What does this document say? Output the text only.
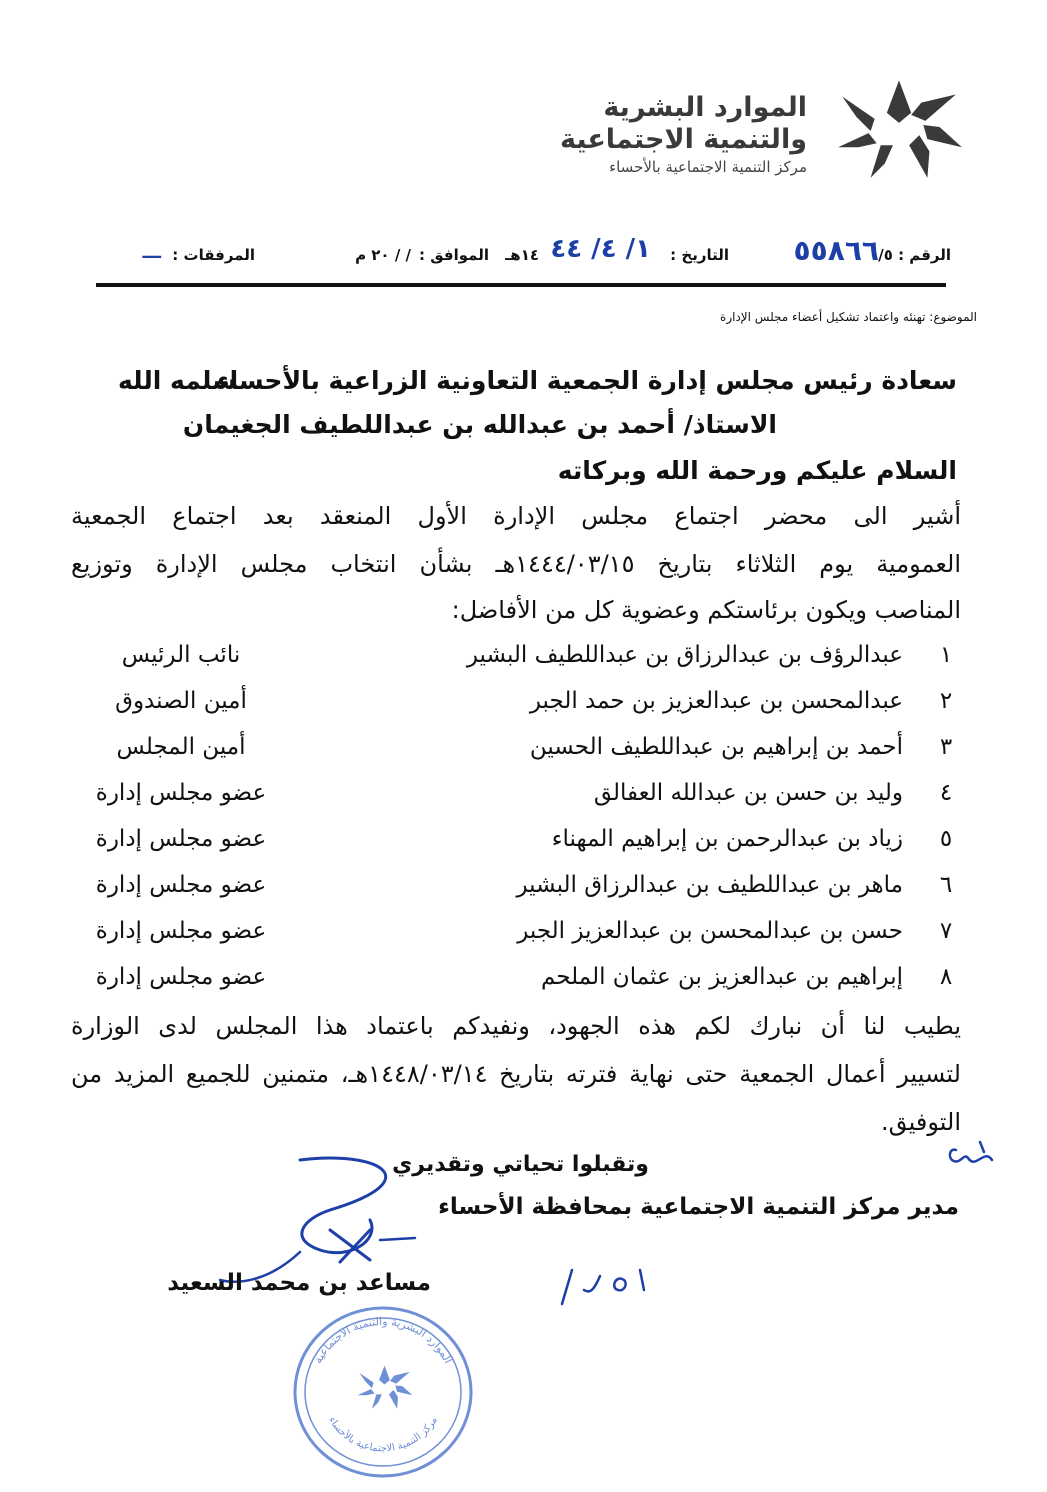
الموارد البشرية
والتنمية الاجتماعية
مركز التنمية الاجتماعية بالأحساء
الرقم : ٥/
٥٥٨٦٦
التاريخ :
١/ ٤/ ٤٤
١٤هـ
الموافق :
/ / ٢٠ م
المرفقات :
ـــ
الموضوع: تهنئه واعتماد تشكيل أعضاء مجلس الإدارة
سعادة رئيس مجلس إدارة الجمعية التعاونية الزراعية بالأحساء
سلمه الله
الاستاذ/ أحمد بن عبدالله بن عبداللطيف الجغيمان
السلام عليكم ورحمة الله وبركاته
أشير الى محضر اجتماع مجلس الإدارة الأول المنعقد بعد اجتماع الجمعية
العمومية يوم الثلاثاء بتاريخ ١٤٤٤/٠٣/١٥هـ بشأن انتخاب مجلس الإدارة وتوزيع
المناصب ويكون برئاستكم وعضوية كل من الأفاضل:
١
عبدالرؤف بن عبدالرزاق بن عبداللطيف البشير
نائب الرئيس
٢
عبدالمحسن بن عبدالعزيز بن حمد الجبر
أمين الصندوق
٣
أحمد بن إبراهيم بن عبداللطيف الحسين
أمين المجلس
٤
وليد بن حسن بن عبدالله العفالق
عضو مجلس إدارة
٥
زياد بن عبدالرحمن بن إبراهيم المهناء
عضو مجلس إدارة
٦
ماهر بن عبداللطيف بن عبدالرزاق البشير
عضو مجلس إدارة
٧
حسن بن عبدالمحسن بن عبدالعزيز الجبر
عضو مجلس إدارة
٨
إبراهيم بن عبدالعزيز بن عثمان الملحم
عضو مجلس إدارة
يطيب لنا أن نبارك لكم هذه الجهود، ونفيدكم باعتماد هذا المجلس لدى الوزارة
لتسيير أعمال الجمعية حتى نهاية فترته بتاريخ ١٤٤٨/٠٣/١٤هـ، متمنين للجميع المزيد من
التوفيق.
وتقبلوا تحياتي وتقديري
مدير مركز التنمية الاجتماعية بمحافظة الأحساء
مساعد بن محمد السعيد
الموارد البشرية والتنمية الاجتماعية
مركز التنمية الاجتماعية بالأحساء
